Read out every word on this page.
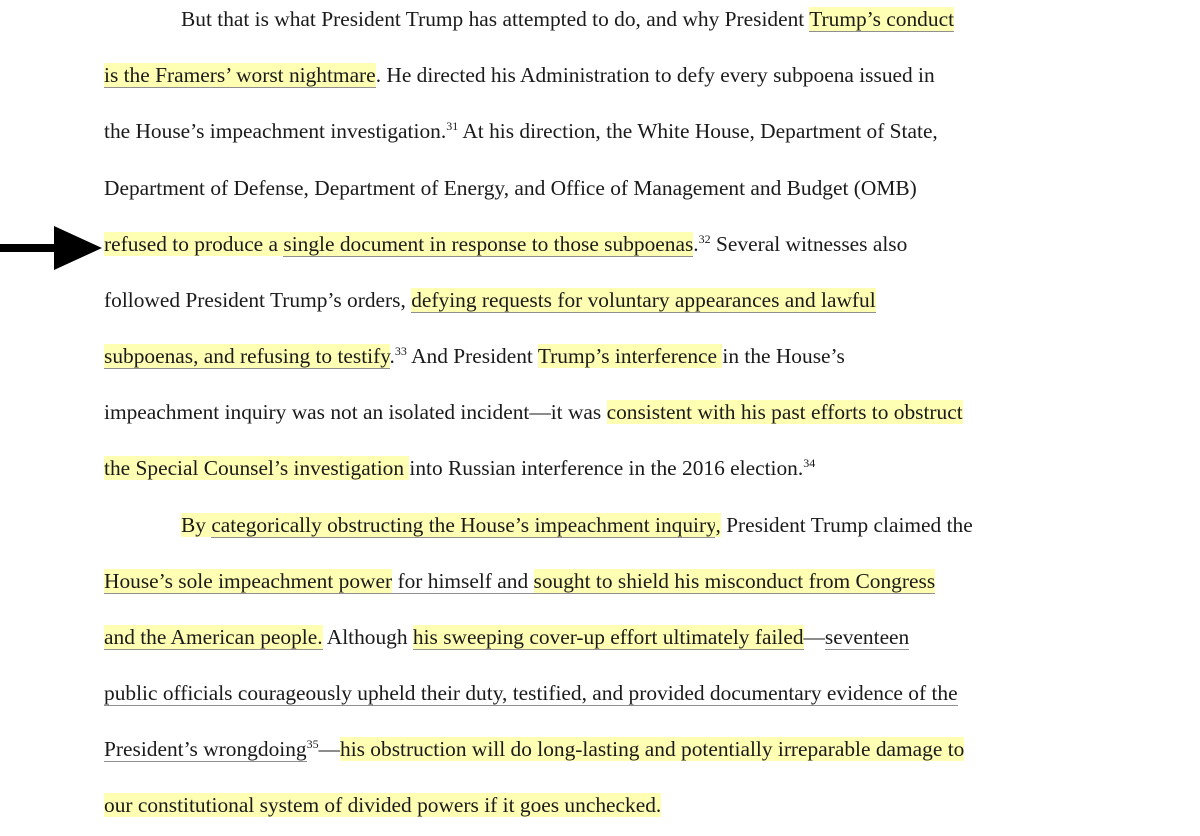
But that is what President Trump has attempted to do, and why President Trump’s conduct
is the Framers’ worst nightmare. He directed his Administration to defy every subpoena issued in
the House’s impeachment investigation.$^{31}$ At his direction, the White House, Department of State,
Department of Defense, Department of Energy, and Office of Management and Budget (OMB)
refused to produce a single document in response to those subpoenas.$^{32}$ Several witnesses also
followed President Trump’s orders, defying requests for voluntary appearances and lawful
subpoenas, and refusing to testify.$^{33}$ And President Trump’s interference in the House’s
impeachment inquiry was not an isolated incident—it was consistent with his past efforts to obstruct
the Special Counsel’s investigation into Russian interference in the 2016 election.$^{34}$
By categorically obstructing the House’s impeachment inquiry, President Trump claimed the
House’s sole impeachment power for himself and sought to shield his misconduct from Congress
and the American people. Although his sweeping cover-up effort ultimately failed—seventeen
public officials courageously upheld their duty, testified, and provided documentary evidence of the
President’s wrongdoing$^{35}$—his obstruction will do long-lasting and potentially irreparable damage to
our constitutional system of divided powers if it goes unchecked.
